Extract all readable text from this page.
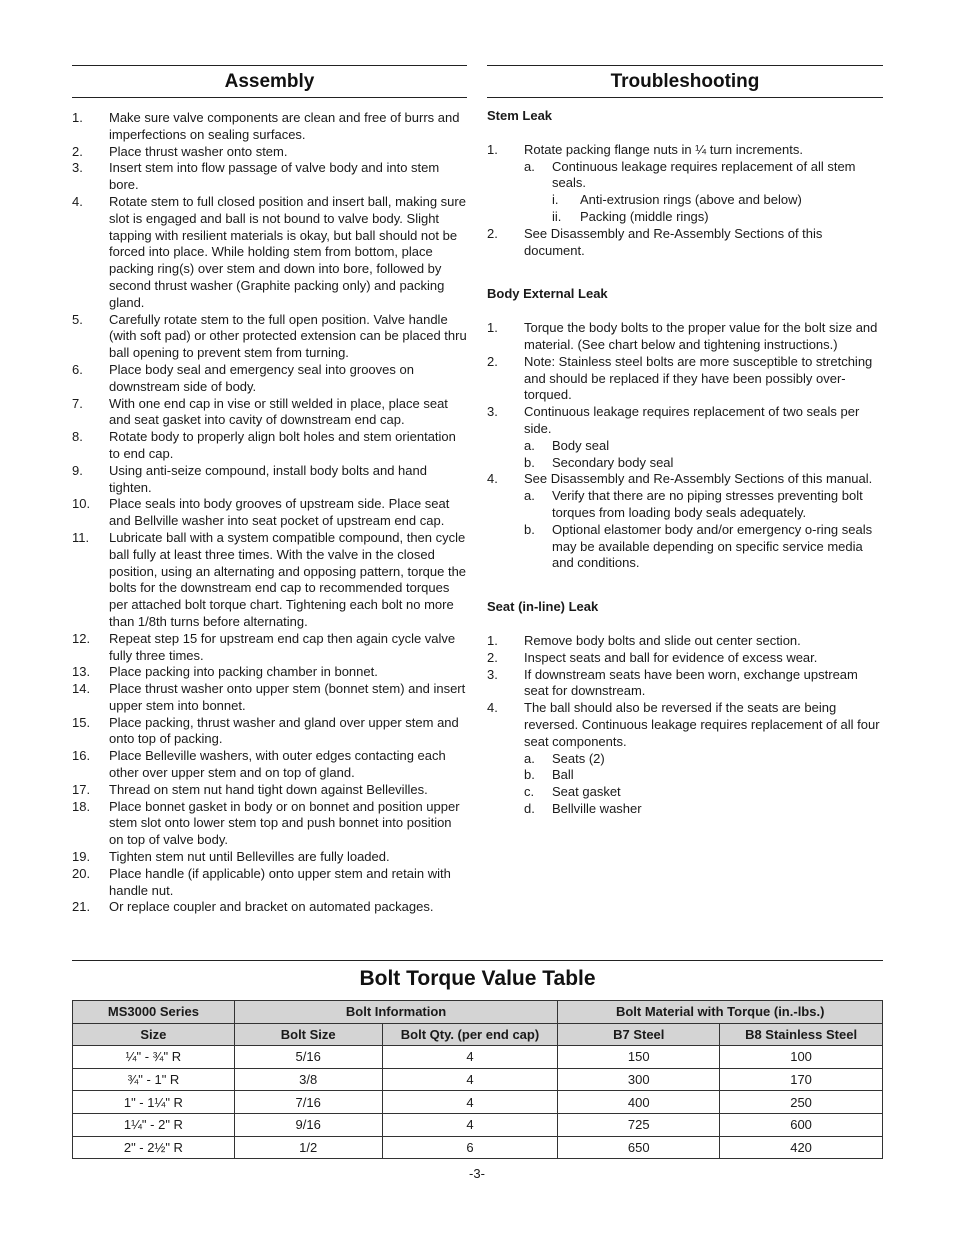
Assembly
1.	Make sure valve components are clean and free of burrs and imperfections on sealing surfaces.
2.	Place thrust washer onto stem.
3.	Insert stem into flow passage of valve body and into stem bore.
4.	Rotate stem to full closed position and insert ball, making sure slot is engaged and ball is not bound to valve body. Slight tapping with resilient materials is okay, but ball should not be forced into place. While holding stem from bottom, place packing ring(s) over stem and down into bore, followed by second thrust washer (Graphite packing only) and packing gland.
5.	Carefully rotate stem to the full open position. Valve handle (with soft pad) or other protected extension can be placed thru ball opening to prevent stem from turning.
6.	Place body seal and emergency seal into grooves on downstream side of body.
7.	With one end cap in vise or still welded in place, place seat and seat gasket into cavity of downstream end cap.
8.	Rotate body to properly align bolt holes and stem orientation to end cap.
9.	Using anti-seize compound, install body bolts and hand tighten.
10.	Place seals into body grooves of upstream side. Place seat and Bellville washer into seat pocket of upstream end cap.
11.	Lubricate ball with a system compatible compound, then cycle ball fully at least three times. With the valve in the closed position, using an alternating and opposing pattern, torque the bolts for the downstream end cap to recommended torques per attached bolt torque chart. Tightening each bolt no more than 1/8th turns before alternating.
12.	Repeat step 15 for upstream end cap then again cycle valve fully three times.
13.	Place packing into packing chamber in bonnet.
14.	Place thrust washer onto upper stem (bonnet stem) and insert upper stem into bonnet.
15.	Place packing, thrust washer and gland over upper stem and onto top of packing.
16.	Place Belleville washers, with outer edges contacting each other over upper stem and on top of gland.
17.	Thread on stem nut hand tight down against Bellevilles.
18.	Place bonnet gasket in body or on bonnet and position upper stem slot onto lower stem top and push bonnet into position on top of valve body.
19.	Tighten stem nut until Bellevilles are fully loaded.
20.	Place handle (if applicable) onto upper stem and retain with handle nut.
21.	Or replace coupler and bracket on automated packages.
Troubleshooting
Stem Leak
1.	Rotate packing flange nuts in ¼ turn increments.
a.	Continuous leakage requires replacement of all stem seals.
i.	Anti-extrusion rings (above and below)
ii.	Packing (middle rings)
2.	See Disassembly and Re-Assembly Sections of this document.
Body External Leak
1.	Torque the body bolts to the proper value for the bolt size and material. (See chart below and tightening instructions.)
2.	Note: Stainless steel bolts are more susceptible to stretching and should be replaced if they have been possibly over-torqued.
3.	Continuous leakage requires replacement of two seals per side.
a.	Body seal
b.	Secondary body seal
4.	See Disassembly and Re-Assembly Sections of this manual.
a.	Verify that there are no piping stresses preventing bolt torques from loading body seals adequately.
b.	Optional elastomer body and/or emergency o-ring seals may be available depending on specific service media and conditions.
Seat (in-line) Leak
1.	Remove body bolts and slide out center section.
2.	Inspect seats and ball for evidence of excess wear.
3.	If downstream seats have been worn, exchange upstream seat for downstream.
4.	The ball should also be reversed if the seats are being reversed. Continuous leakage requires replacement of all four seat components.
a.	Seats (2)
b.	Ball
c.	Seat gasket
d.	Bellville washer
Bolt Torque Value Table
MS3000 Series	Bolt Information		Bolt Material with Torque (in.-lbs.)	
Size	Bolt Size	Bolt Qty. (per end cap)	B7 Steel	B8 Stainless Steel
¼" - ¾" R	5/16	4	150	100
¾" - 1" R	3/8	4	300	170
1" - 1¼" R	7/16	4	400	250
1¼" - 2" R	9/16	4	725	600
2" - 2½" R	1/2	6	650	420
-3-
